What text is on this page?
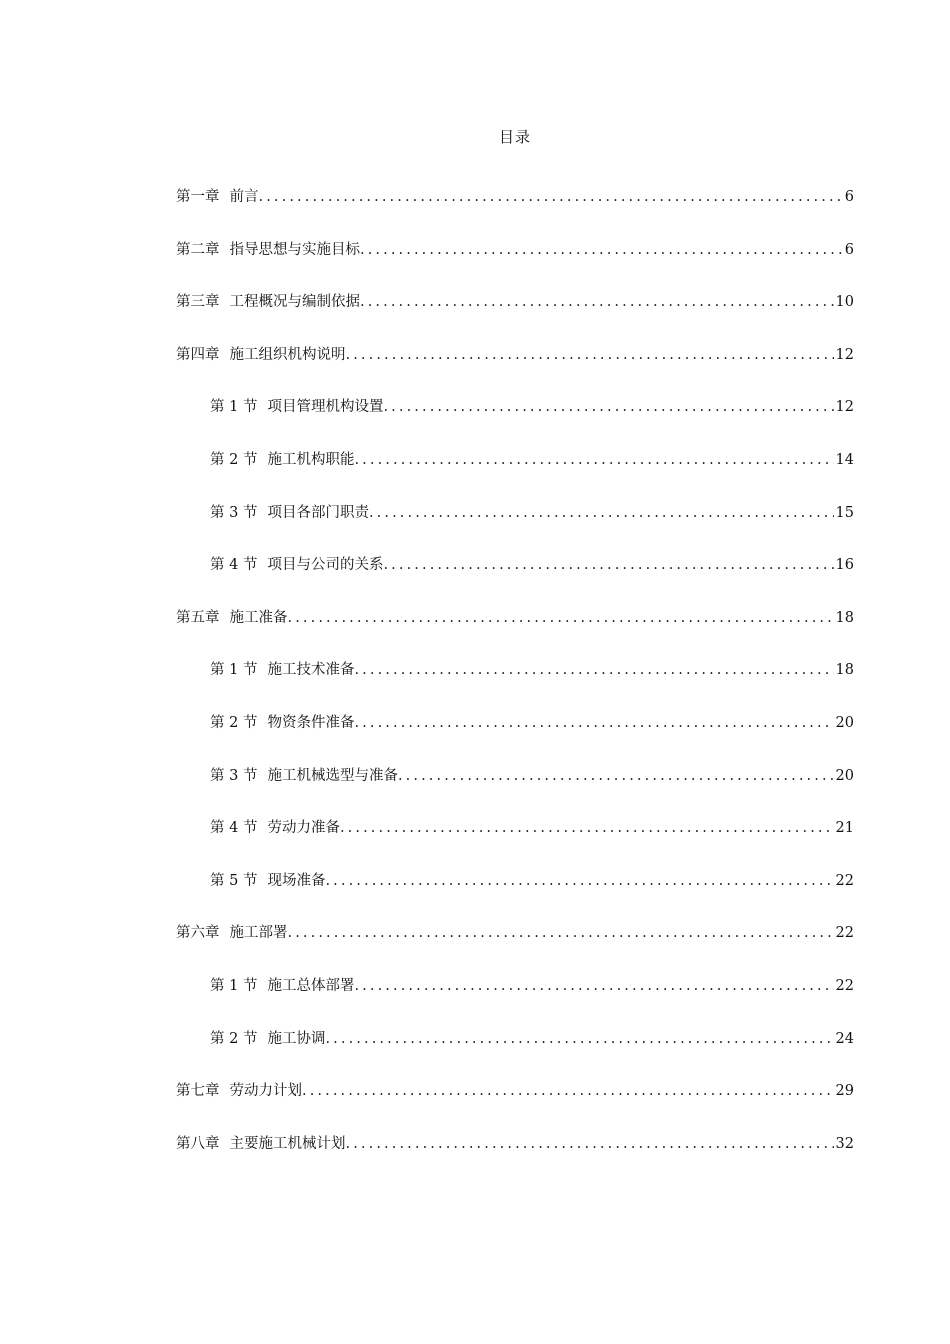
目录
第一章 前言 .....	6
第二章 指导思想与实施目标 .....	6
第三章 工程概况与编制依据 .....	10
第四章 施工组织机构说明 .....	12
第 1 节 项目管理机构设置 .....	12
第 2 节 施工机构职能 .....	14
第 3 节 项目各部门职责 .....	15
第 4 节 项目与公司的关系 .....	16
第五章 施工准备 .....	18
第 1 节 施工技术准备 .....	18
第 2 节 物资条件准备 .....	20
第 3 节 施工机械选型与准备 .....	20
第 4 节 劳动力准备 .....	21
第 5 节 现场准备 .....	22
第六章 施工部署 .....	22
第 1 节 施工总体部署 .....	22
第 2 节 施工协调 .....	24
第七章 劳动力计划 .....	29
第八章 主要施工机械计划 .....	32
